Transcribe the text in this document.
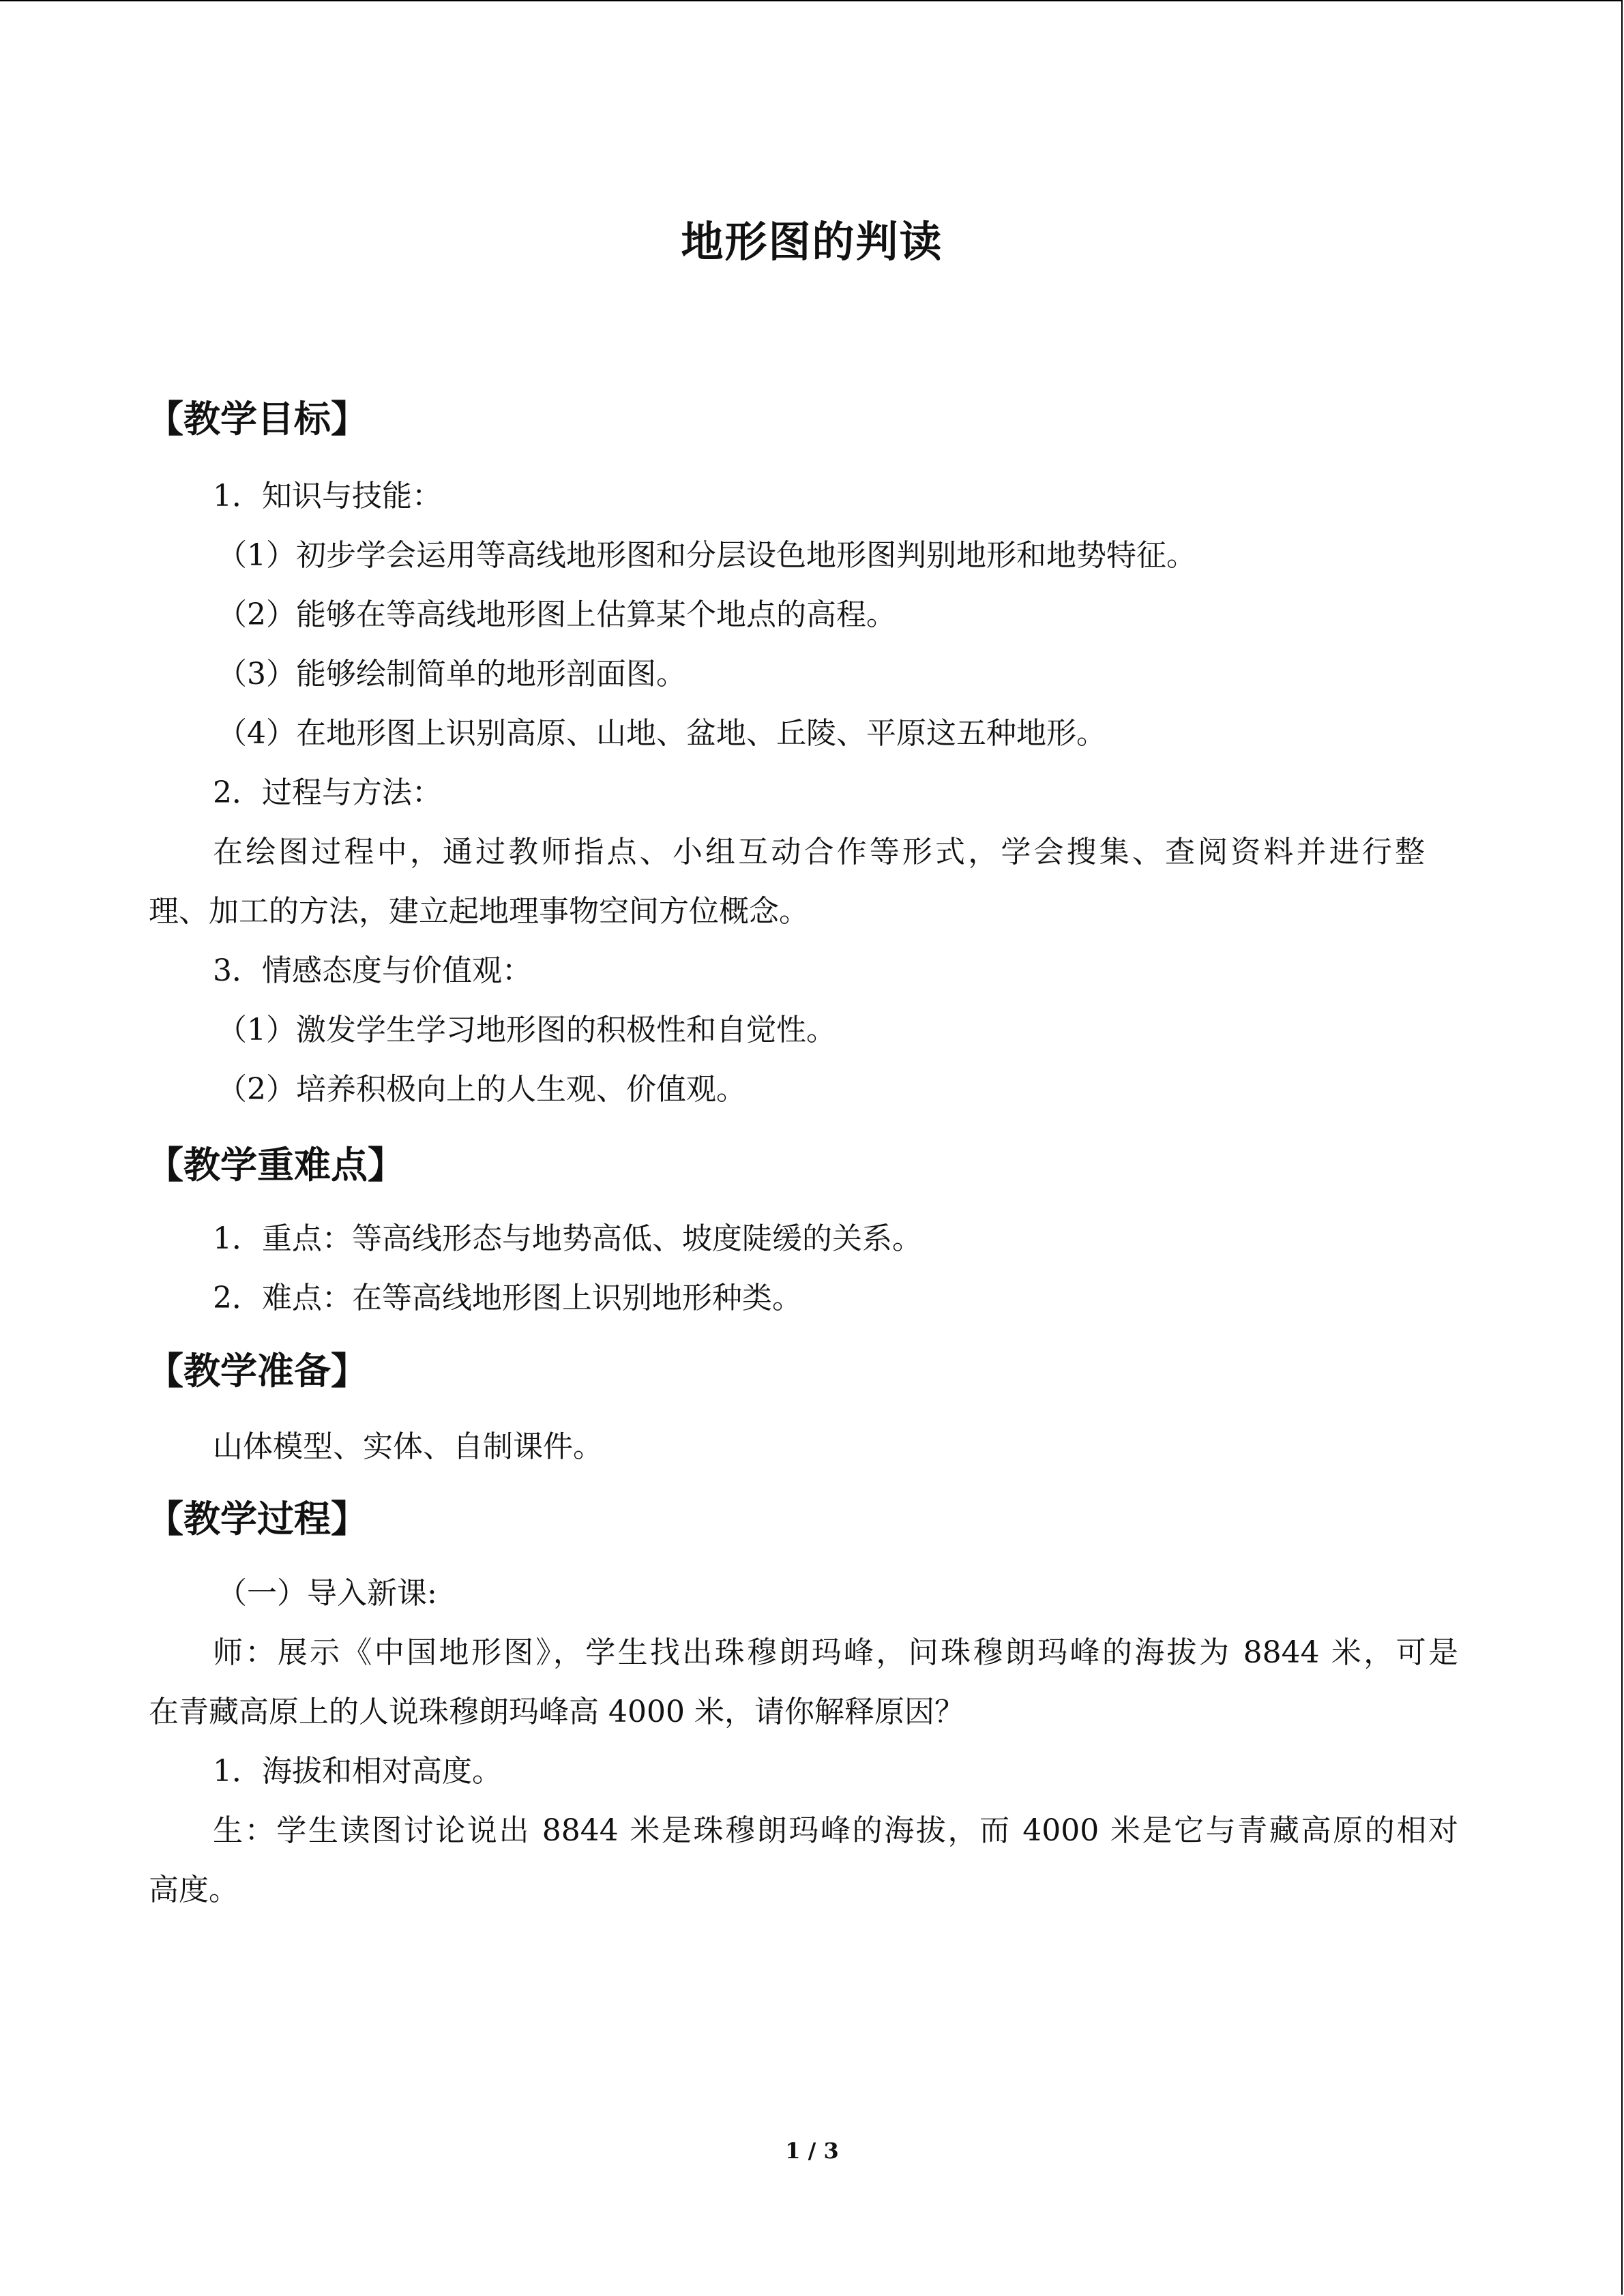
地形图的判读
【教学目标】
1．知识与技能：
（1）初步学会运用等高线地形图和分层设色地形图判别地形和地势特征。
（2）能够在等高线地形图上估算某个地点的高程。
（3）能够绘制简单的地形剖面图。
（4）在地形图上识别高原、山地、盆地、丘陵、平原这五种地形。
2．过程与方法：
在绘图过程中，通过教师指点、小组互动合作等形式，学会搜集、查阅资料并进行整
理、加工的方法，建立起地理事物空间方位概念。
3．情感态度与价值观：
（1）激发学生学习地形图的积极性和自觉性。
（2）培养积极向上的人生观、价值观。
【教学重难点】
1．重点：等高线形态与地势高低、坡度陡缓的关系。
2．难点：在等高线地形图上识别地形种类。
【教学准备】
山体模型、实体、自制课件。
【教学过程】
（一）导入新课:
师：展示《中国地形图》，学生找出珠穆朗玛峰，问珠穆朗玛峰的海拔为 8844 米，可是
在青藏高原上的人说珠穆朗玛峰高 4000 米，请你解释原因？
1．海拔和相对高度。
生：学生读图讨论说出 8844 米是珠穆朗玛峰的海拔，而 4000 米是它与青藏高原的相对
高度。
1 / 3
